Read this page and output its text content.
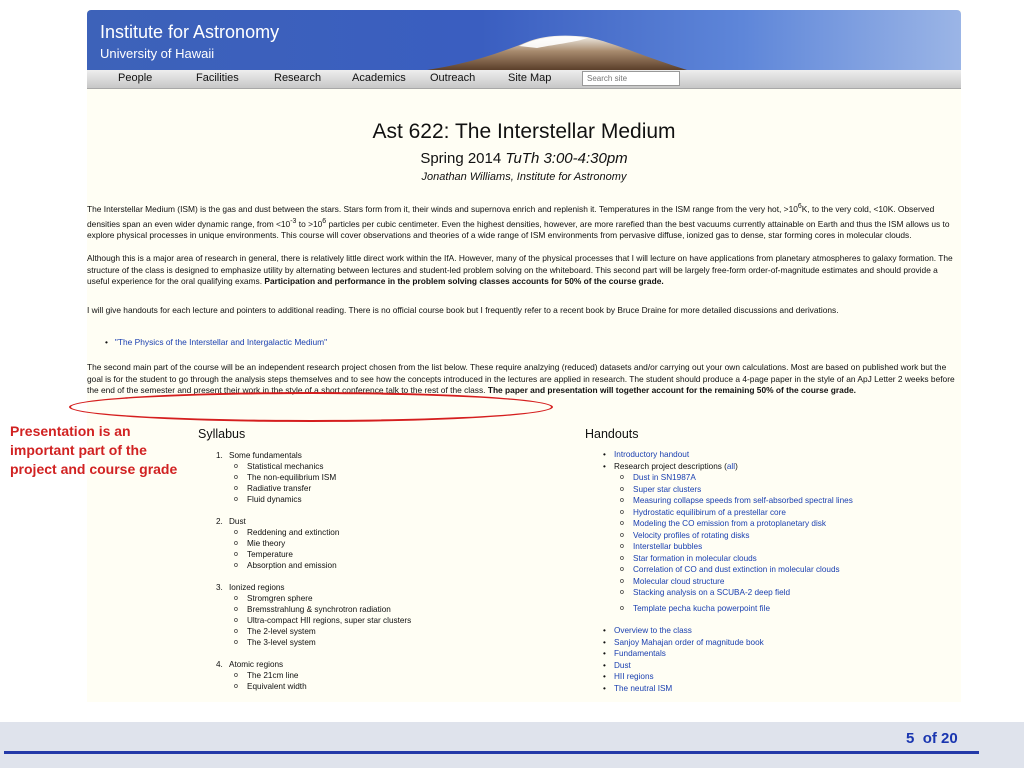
Institute for Astronomy
University of Hawaii
People	Facilities	Research	Academics Outreach	Site Map
Search site
Ast 622: The Interstellar Medium
Spring 2014 TuTh 3:00-4:30pm
Jonathan Williams, Institute for Astronomy
The Interstellar Medium (ISM) is the gas and dust between the stars. Stars form from it, their winds and supernova enrich and replenish it. Temperatures in the ISM range from the very hot, $>10^6K$, to the very cold, <10K. Observed densities span an even wider dynamic range, from $<10^{-3}$ to $>10^6$ particles per cubic centimeter. Even the highest densities, however, are more rarefied than the best vacuums currently attainable on Earth and thus the ISM allows us to explore physical processes in unique environments. This course will cover observations and theories of a wide range of ISM environments from pervasive diffuse, ionized gas to dense, star forming cores in molecular clouds.
Although this is a major area of research in general, there is relatively little direct work within the IfA. However, many of the physical processes that I will lecture on have applications from planetary atmospheres to galaxy formation. The structure of the class is designed to emphasize utility by alternating between lectures and student-led problem solving on the whiteboard. This second part will be largely free-form order-of-magnitude estimates and should provide a useful experience for the oral qualifying exams. Participation and performance in the problem solving classes accounts for 50% of the course grade.
I will give handouts for each lecture and pointers to additional reading. There is no official course book but I frequently refer to a recent book by Bruce Draine for more detailed discussions and derivations.
•   "The Physics of the Interstellar and Intergalactic Medium"
The second main part of the course will be an independent research project chosen from the list below. These require analzying (reduced) datasets and/or carrying out your own calculations. Most are based on published work but the goal is for the student to go through the analysis steps themselves and to see how the concepts introduced in the lectures are applied in research. The student should produce a 4-page paper in the style of an ApJ Letter 2 weeks before the end of the semester and present their work in the style of a short conference talk to the rest of the class. The paper and presentation will together account for the remaining 50% of the course grade.
Syllabus
1. Some fundamentals
o Statistical mechanics
o The non-equilibrium ISM
o Radiative transfer
o Fluid dynamics
2. Dust
o Reddening and extinction
o Mie theory
o Temperature
o Absorption and emission
3. Ionized regions
o Stromgren sphere
o Bremsstrahlung & synchrotron radiation
o Ultra-compact HII regions, super star clusters
o The 2-level system
o The 3-level system
4. Atomic regions
o The 21cm line
o Equivalent width
Handouts
• Introductory handout
• Research project descriptions (all)
o Dust in SN1987A
o Super star clusters
o Measuring collapse speeds from self-absorbed spectral lines
o Hydrostatic equilibirum of a prestellar core
o Modeling the CO emission from a protoplanetary disk
o Velocity profiles of rotating disks
o Interstellar bubbles
o Star formation in molecular clouds
o Correlation of CO and dust extinction in molecular clouds
o Molecular cloud structure
o Stacking analysis on a SCUBA-2 deep field
o Template pecha kucha powerpoint file
• Overview to the class
• Sanjoy Mahajan order of magnitude book
• Fundamentals
• Dust
• HII regions
• The neutral ISM
Presentation is an important part of the project and course grade
5 of 20
